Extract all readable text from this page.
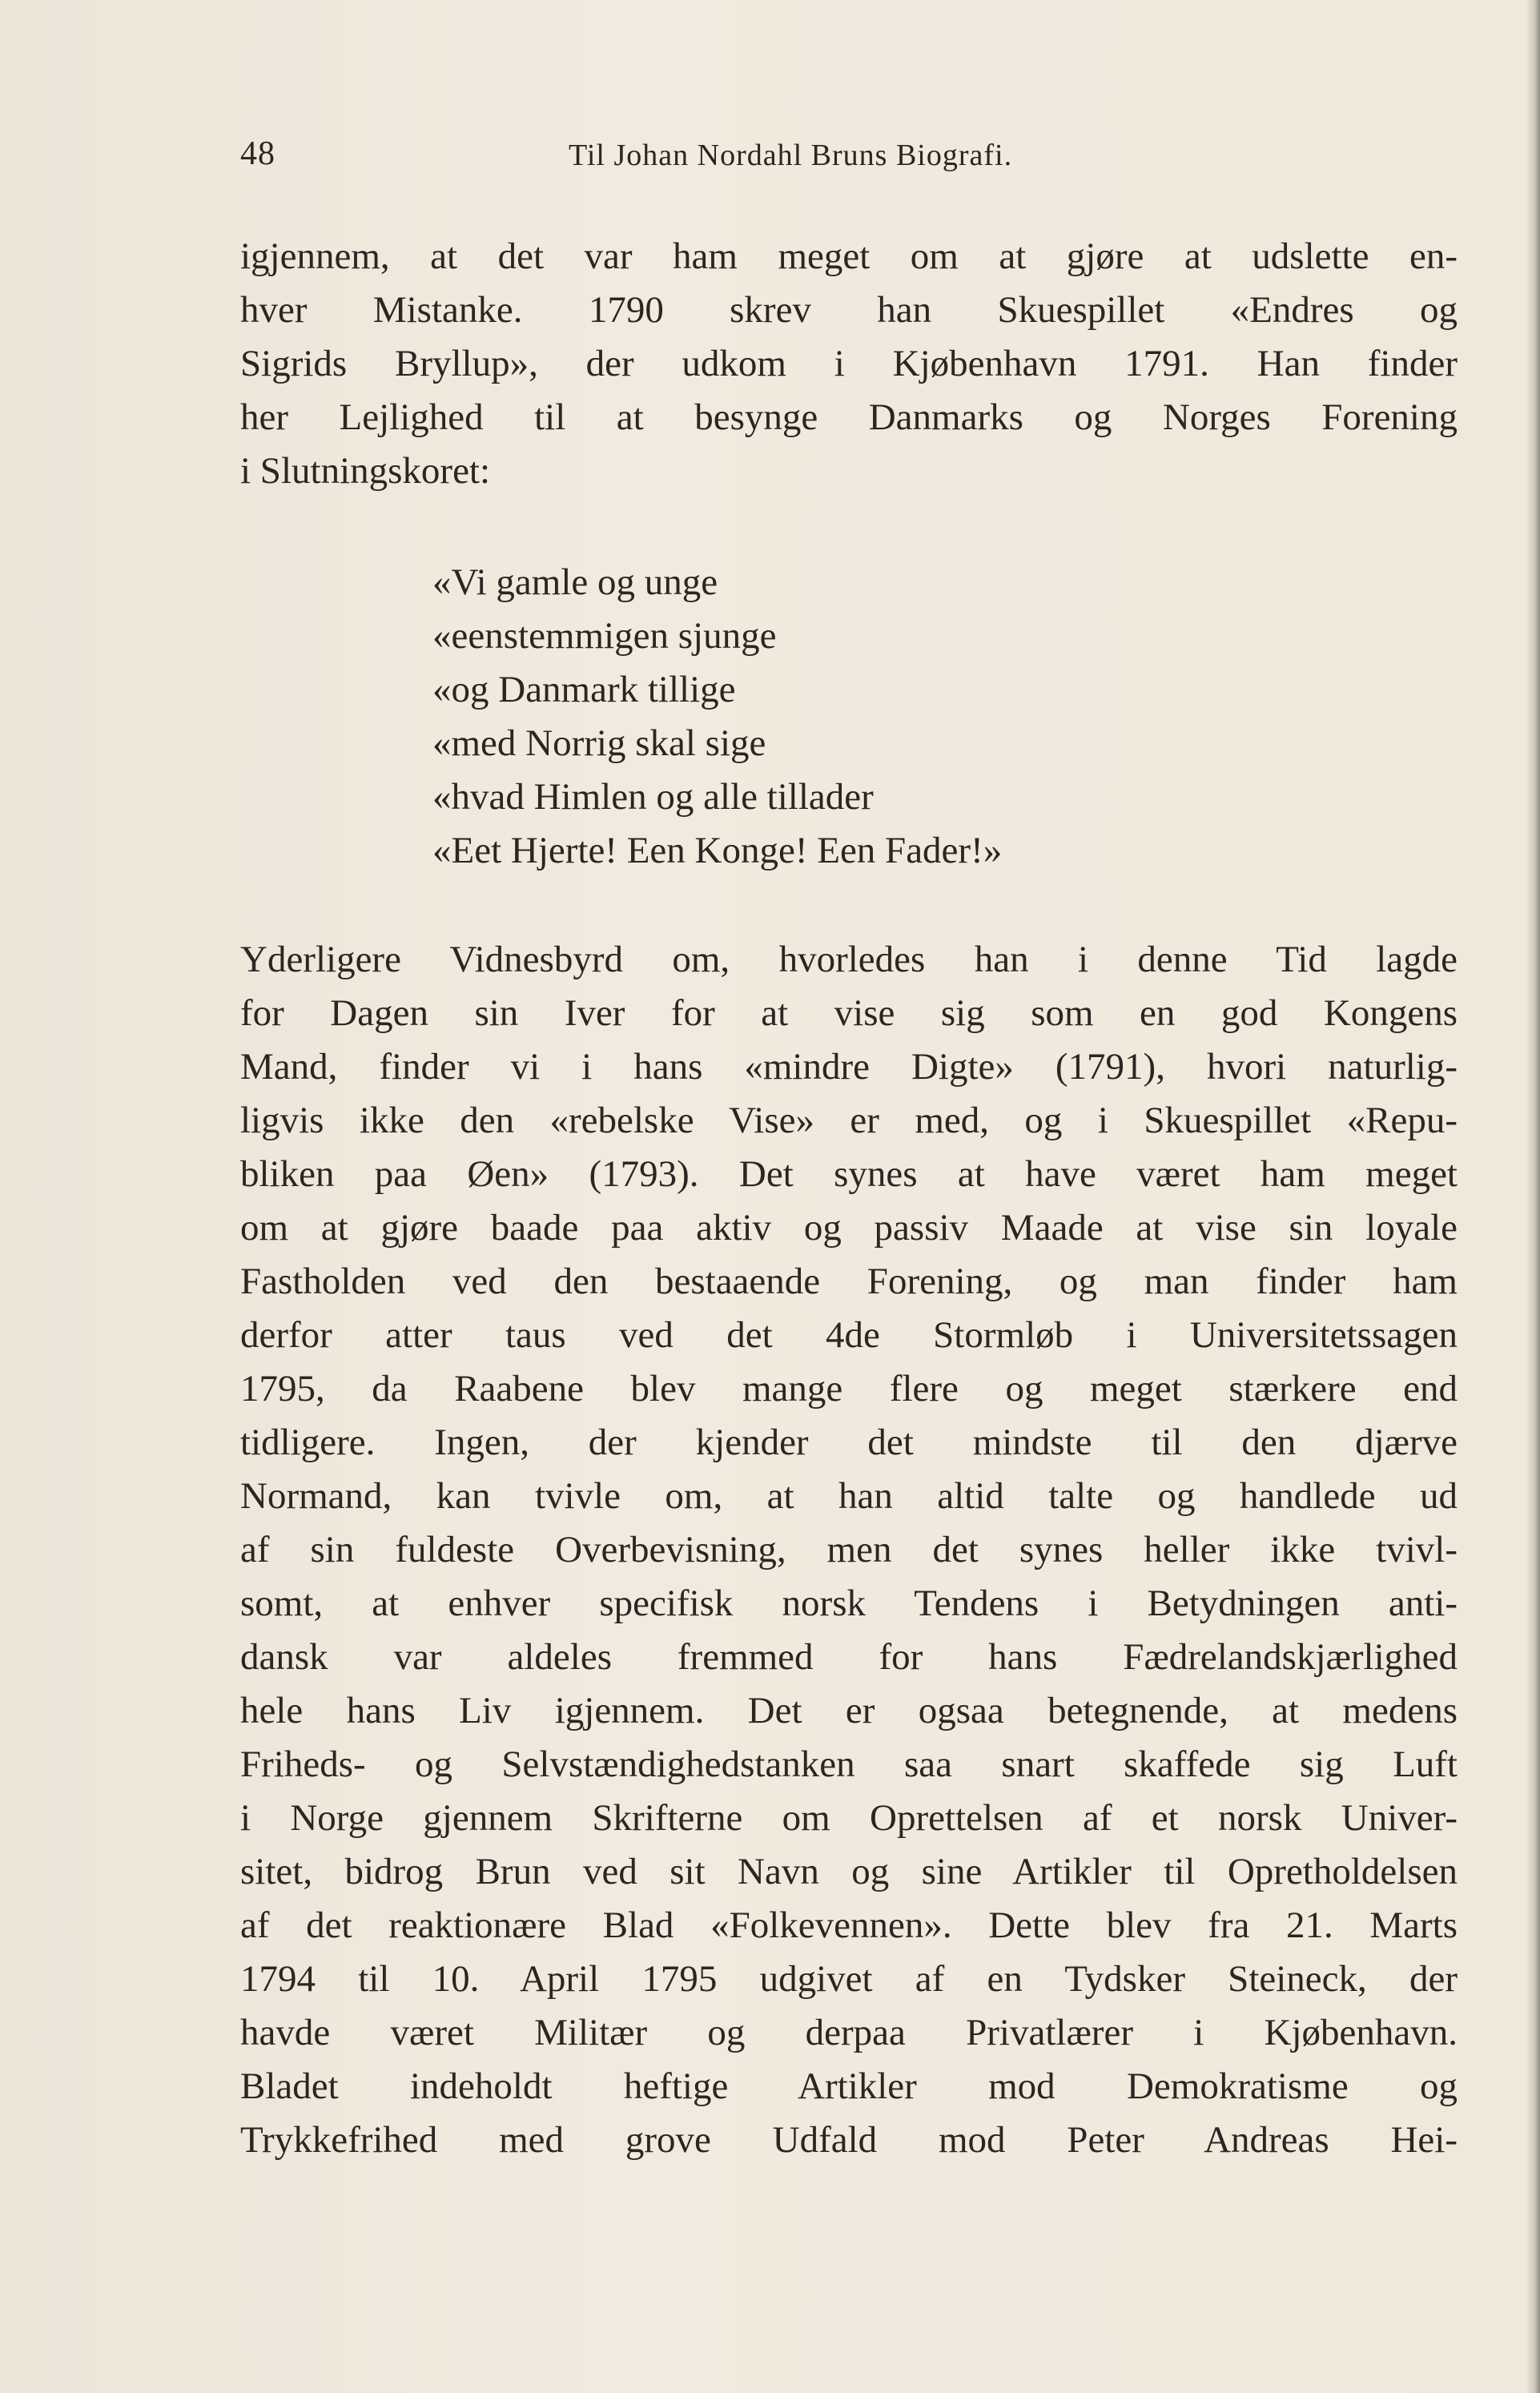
48	Til Johan Nordahl Bruns Biografi.
igjennem, at det var ham meget om at gjøre at udslette en-
hver Mistanke. 1790 skrev han Skuespillet «Endres og
Sigrids Bryllup», der udkom i Kjøbenhavn 1791. Han finder
her Lejlighed til at besynge Danmarks og Norges Forening
i Slutningskoret:
«Vi gamle og unge
«eenstemmigen sjunge
«og Danmark tillige
«med Norrig skal sige
«hvad Himlen og alle tillader
«Eet Hjerte! Een Konge! Een Fader!»
Yderligere Vidnesbyrd om, hvorledes han i denne Tid lagde
for Dagen sin Iver for at vise sig som en god Kongens
Mand, finder vi i hans «mindre Digte» (1791), hvori naturlig-
ligvis ikke den «rebelske Vise» er med, og i Skuespillet «Repu-
bliken paa Øen» (1793). Det synes at have været ham meget
om at gjøre baade paa aktiv og passiv Maade at vise sin loyale
Fastholden ved den bestaaende Forening, og man finder ham
derfor atter taus ved det 4de Stormløb i Universitetssagen
1795, da Raabene blev mange flere og meget stærkere end
tidligere. Ingen, der kjender det mindste til den djærve
Normand, kan tvivle om, at han altid talte og handlede ud
af sin fuldeste Overbevisning, men det synes heller ikke tvivl-
somt, at enhver specifisk norsk Tendens i Betydningen anti-
dansk var aldeles fremmed for hans Fædrelandskjærlighed
hele hans Liv igjennem. Det er ogsaa betegnende, at medens
Friheds- og Selvstændighedstanken saa snart skaffede sig Luft
i Norge gjennem Skrifterne om Oprettelsen af et norsk Univer-
sitet, bidrog Brun ved sit Navn og sine Artikler til Opretholdelsen
af det reaktionære Blad «Folkevennen». Dette blev fra 21. Marts
1794 til 10. April 1795 udgivet af en Tydsker Steineck, der
havde været Militær og derpaa Privatlærer i Kjøbenhavn.
Bladet indeholdt heftige Artikler mod Demokratisme og
Trykkefrihed med grove Udfald mod Peter Andreas Hei-
